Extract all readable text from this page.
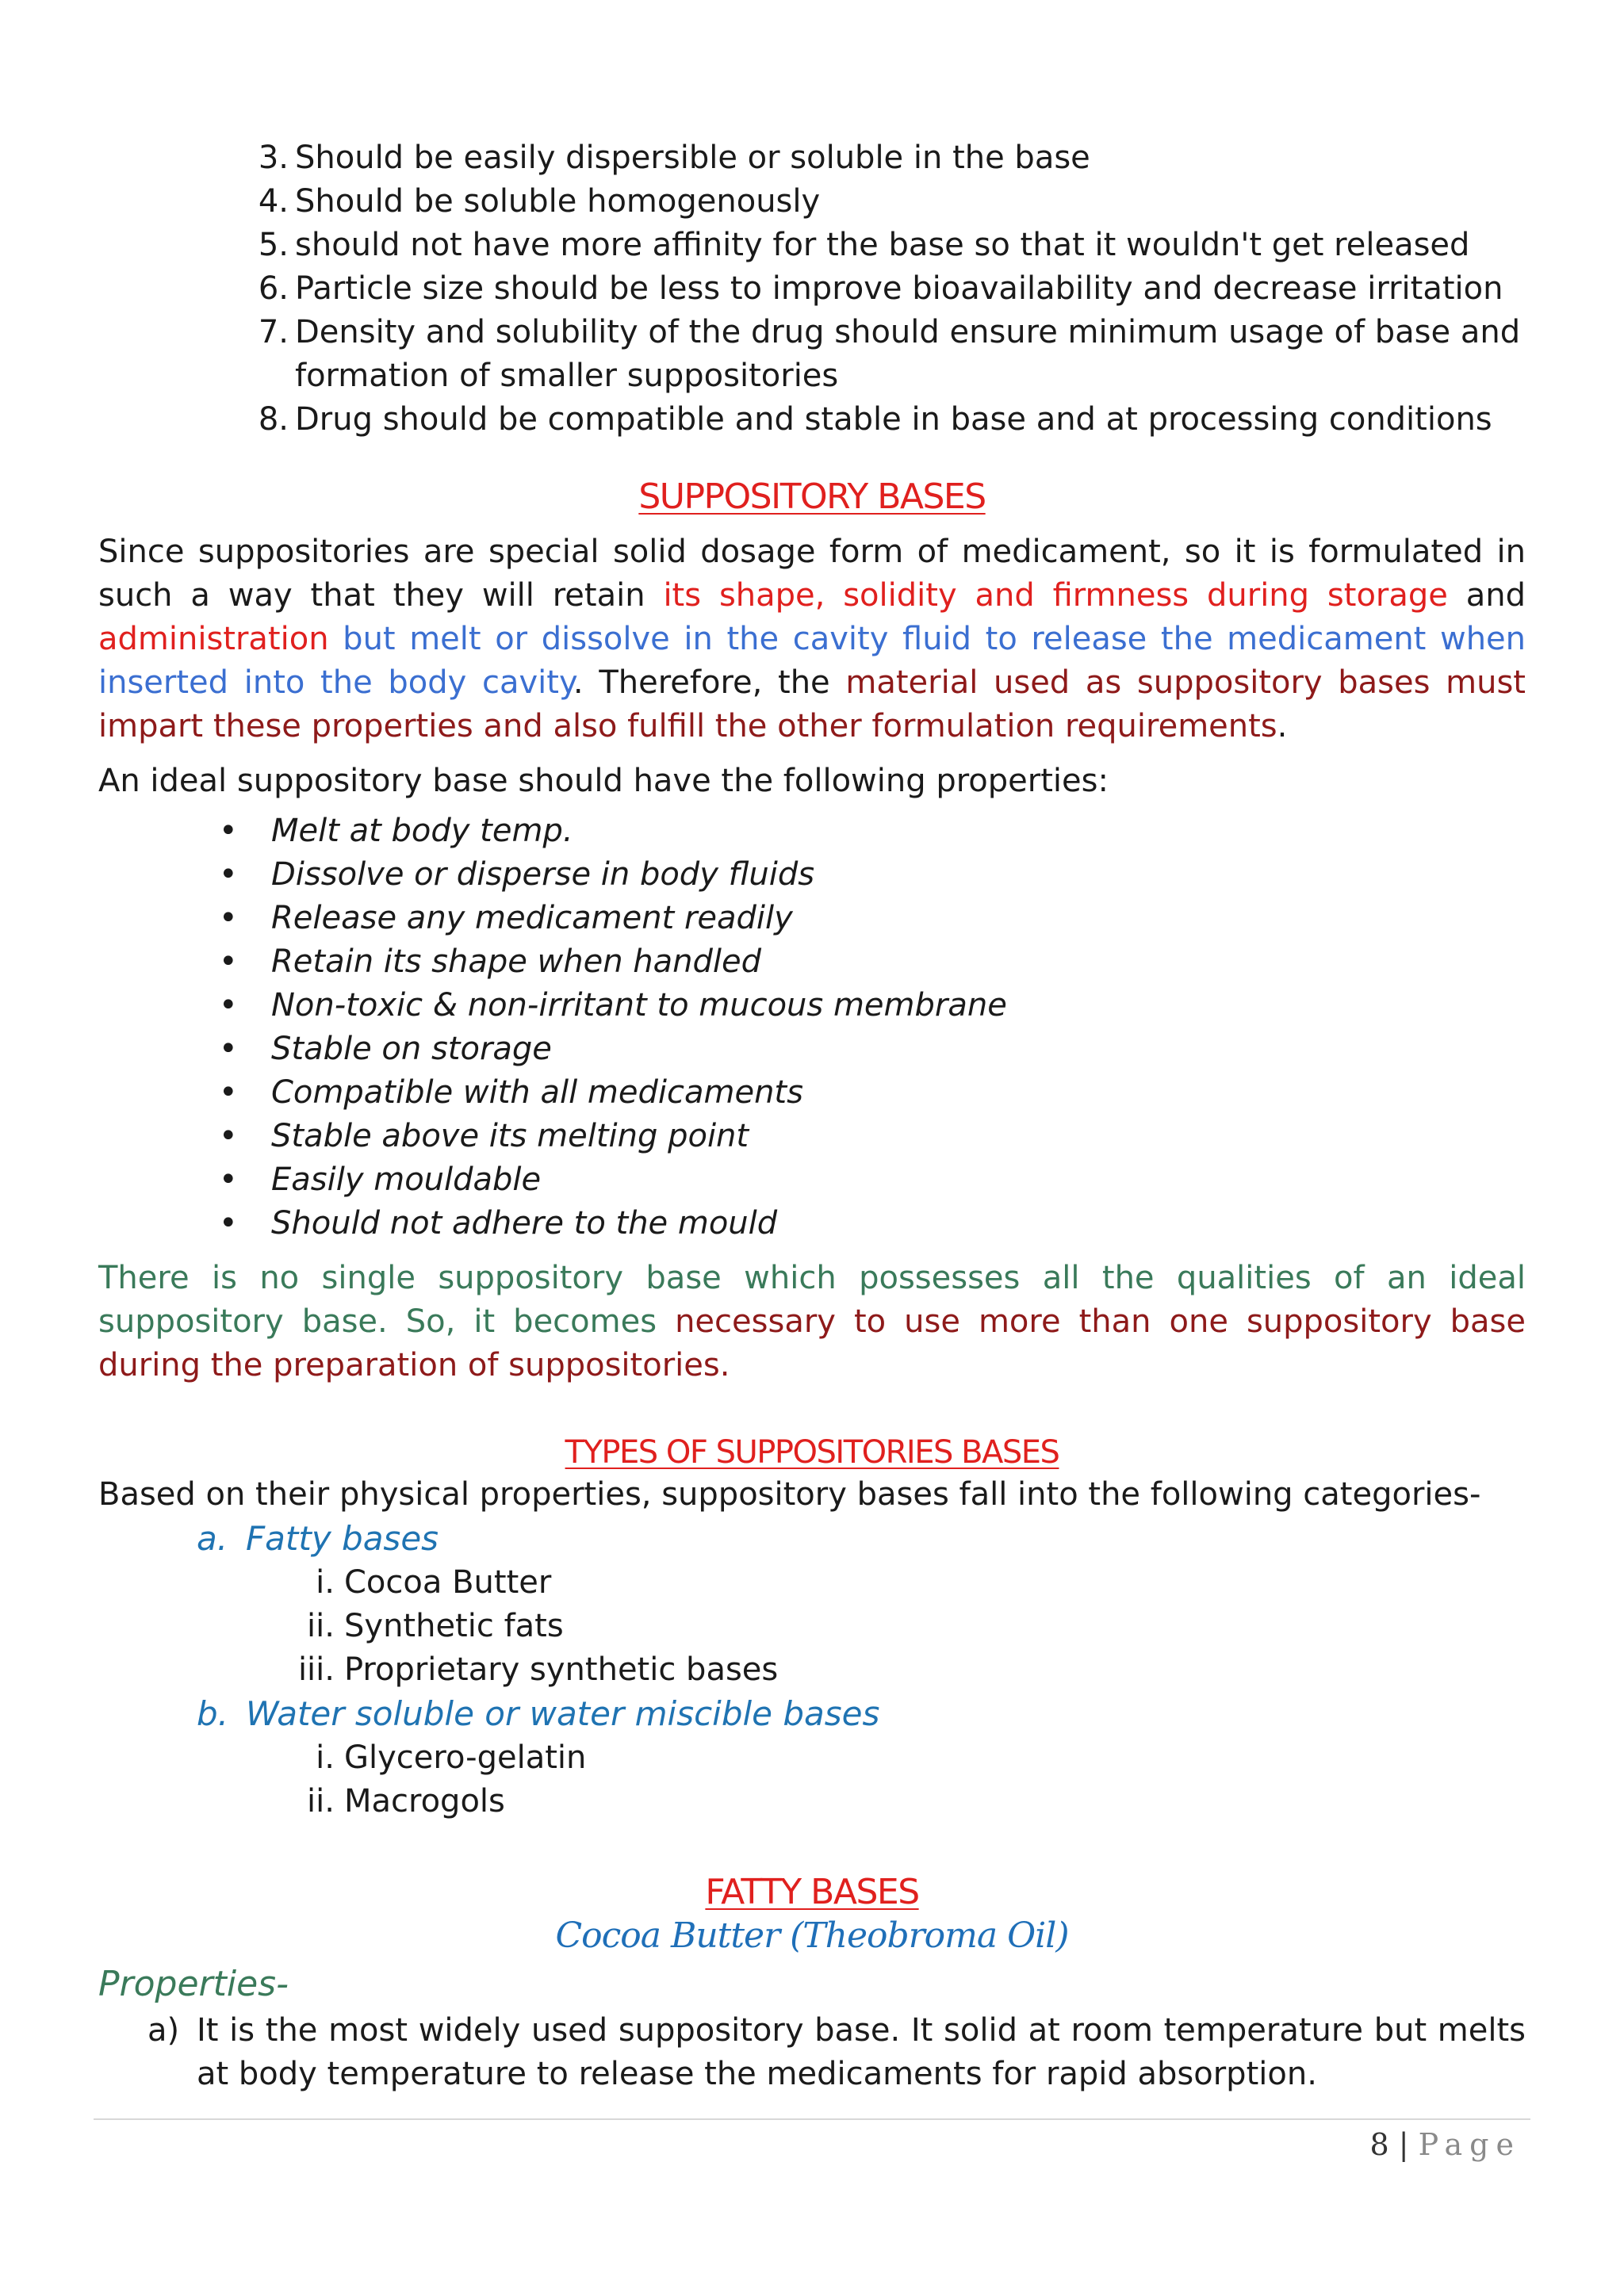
3. Should be easily dispersible or soluble in the base
4. Should be soluble homogenously
5. should not have more affinity for the base so that it wouldn't get released
6. Particle size should be less to improve bioavailability and decrease irritation
7. Density and solubility of the drug should ensure minimum usage of base and formation of smaller suppositories
8. Drug should be compatible and stable in base and at processing conditions
SUPPOSITORY BASES

Since suppositories are special solid dosage form of medicament, so it is formulated in such a way that they will retain its shape, solidity and firmness during storage and administration but melt or dissolve in the cavity fluid to release the medicament when inserted into the body cavity. Therefore, the material used as suppository bases must impart these properties and also fulfill the other formulation requirements.

An ideal suppository base should have the following properties:

• Melt at body temp.
• Dissolve or disperse in body fluids
• Release any medicament readily
• Retain its shape when handled
• Non-toxic & non-irritant to mucous membrane
• Stable on storage
• Compatible with all medicaments
• Stable above its melting point
• Easily mouldable
• Should not adhere to the mould

There is no single suppository base which possesses all the qualities of an ideal suppository base. So, it becomes necessary to use more than one suppository base during the preparation of suppositories.

TYPES OF SUPPOSITORIES BASES
Based on their physical properties, suppository bases fall into the following categories-
a. Fatty bases
i. Cocoa Butter
ii. Synthetic fats
iii. Proprietary synthetic bases
b. Water soluble or water miscible bases
i. Glycero-gelatin
ii. Macrogols
FATTY BASES
Cocoa Butter (Theobroma Oil)
Properties-
a) It is the most widely used suppository base. It solid at room temperature but melts at body temperature to release the medicaments for rapid absorption.
8 | Page
